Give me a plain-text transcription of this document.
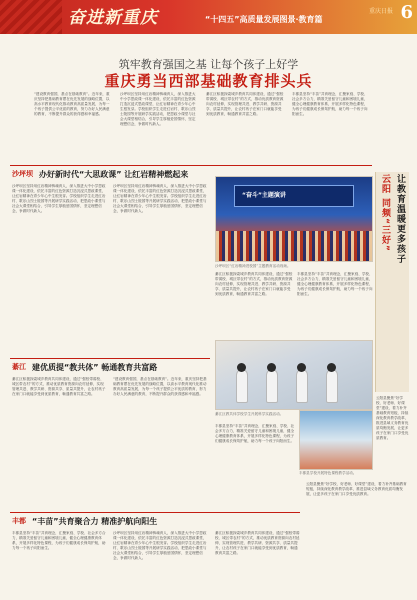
奋进新重庆	“十四五”高质量发展图景·教育篇
重庆日报 6
筑牢教育强国之基 让每个孩子上好学
重庆勇当西部基础教育排头兵
“建设教育强国，基点在基础教育”。近年来，重庆坚持把基础教育摆在优先发展的战略位置，以高水平教育现代化推动教育高质量发展，为每一个孩子提供公平优质的教育，努力办好人民满意的教育，不断提升群众的获得感和幸福感。
沙坪坝区坚持用红岩精神铸魂育人，深入推进大中小学思政课一体化建设，依托丰富的红色资源打造沉浸式思政课堂，让红岩精神在青少年心中生根发芽。学校组织学生走进红岩村、歌乐山烈士陵园等开展研学实践活动，把思政小课堂与社会大课堂相结合，引导学生厚植爱国情怀，坚定理想信念，争做时代新人。
綦江区积极探索城乡教育共同体建设，通过“强校带弱校、城区带农村”的方式，推动优质教育资源向农村延伸，实现管理共进、教学共研、资源共享、质量共提升，让农村孩子在家门口就能享受到优质教育，畅通教育共富之路。
丰都县坚持“丰苗”共育理念，汇聚家庭、学校、社会多方合力，精准关爱留守儿童和困境儿童，健全心理健康教育体系，开展多样化特色课程，为孩子们健康成长保驾护航，助力每一个孩子向阳而生。
沙坪坝 办好新时代“大思政课” 让红岩精神燃起来
沙坪坝区坚持用红岩精神铸魂育人，深入推进大中小学思政课一体化建设，依托丰富的红色资源打造沉浸式思政课堂，让红岩精神在青少年心中生根发芽。学校组织学生走进红岩村、歌乐山烈士陵园等开展研学实践活动，把思政小课堂与社会大课堂相结合，引导学生厚植爱国情怀，坚定理想信念，争做时代新人。
沙坪坝区坚持用红岩精神铸魂育人，深入推进大中小学思政课一体化建设，依托丰富的红色资源打造沉浸式思政课堂，让红岩精神在青少年心中生根发芽。学校组织学生走进红岩村、歌乐山烈士陵园等开展研学实践活动，把思政小课堂与社会大课堂相结合，引导学生厚植爱国情怀，坚定理想信念，争做时代新人。
“奋斗”主题演讲
沙坪坝区“红岩精神进校园”主题教育活动现场。
綦江区积极探索城乡教育共同体建设，通过“强校带弱校、城区带农村”的方式，推动优质教育资源向农村延伸，实现管理共进、教学共研、资源共享、质量共提升，让农村孩子在家门口就能享受到优质教育，畅通教育共富之路。
丰都县坚持“丰苗”共育理念，汇聚家庭、学校、社会多方合力，精准关爱留守儿童和困境儿童，健全心理健康教育体系，开展多样化特色课程，为孩子们健康成长保驾护航，助力每一个孩子向阳而生。
云阳 同频“三好” 让教育温暖更多孩子
綦江 建优质提“教共体” 畅通教育共富路
綦江区积极探索城乡教育共同体建设，通过“强校带弱校、城区带农村”的方式，推动优质教育资源向农村延伸，实现管理共进、教学共研、资源共享、质量共提升，让农村孩子在家门口就能享受到优质教育，畅通教育共富之路。
“建设教育强国，基点在基础教育”。近年来，重庆坚持把基础教育摆在优先发展的战略位置，以高水平教育现代化推动教育高质量发展，为每一个孩子提供公平优质的教育，努力办好人民满意的教育，不断提升群众的获得感和幸福感。
綦江区教共体学校学生开展科学实践活动。
丰都县坚持“丰苗”共育理念，汇聚家庭、学校、社会多方合力，精准关爱留守儿童和困境儿童，健全心理健康教育体系，开展多样化特色课程，为孩子们健康成长保驾护航，助力每一个孩子向阳而生。
丰都县学校开展特色课程教学活动。
丰都 “丰苗”共育聚合力 精准护航向阳生
丰都县坚持“丰苗”共育理念，汇聚家庭、学校、社会多方合力，精准关爱留守儿童和困境儿童，健全心理健康教育体系，开展多样化特色课程，为孩子们健康成长保驾护航，助力每一个孩子向阳而生。
沙坪坝区坚持用红岩精神铸魂育人，深入推进大中小学思政课一体化建设，依托丰富的红色资源打造沉浸式思政课堂，让红岩精神在青少年心中生根发芽。学校组织学生走进红岩村、歌乐山烈士陵园等开展研学实践活动，把思政小课堂与社会大课堂相结合，引导学生厚植爱国情怀，坚定理想信念，争做时代新人。
綦江区积极探索城乡教育共同体建设，通过“强校带弱校、城区带农村”的方式，推动优质教育资源向农村延伸，实现管理共进、教学共研、资源共享、质量共提升，让农村孩子在家门口就能享受到优质教育，畅通教育共富之路。
云阳县聚焦“好学校、好老师、好课堂”建设，着力补齐基础教育短板，持续深化教育教学改革，推进县域义务教育优质均衡发展，让更多孩子在家门口享受优质教育。
云阳县聚焦“好学校、好老师、好课堂”建设，着力补齐基础教育短板，持续深化教育教学改革，推进县域义务教育优质均衡发展，让更多孩子在家门口享受优质教育。
